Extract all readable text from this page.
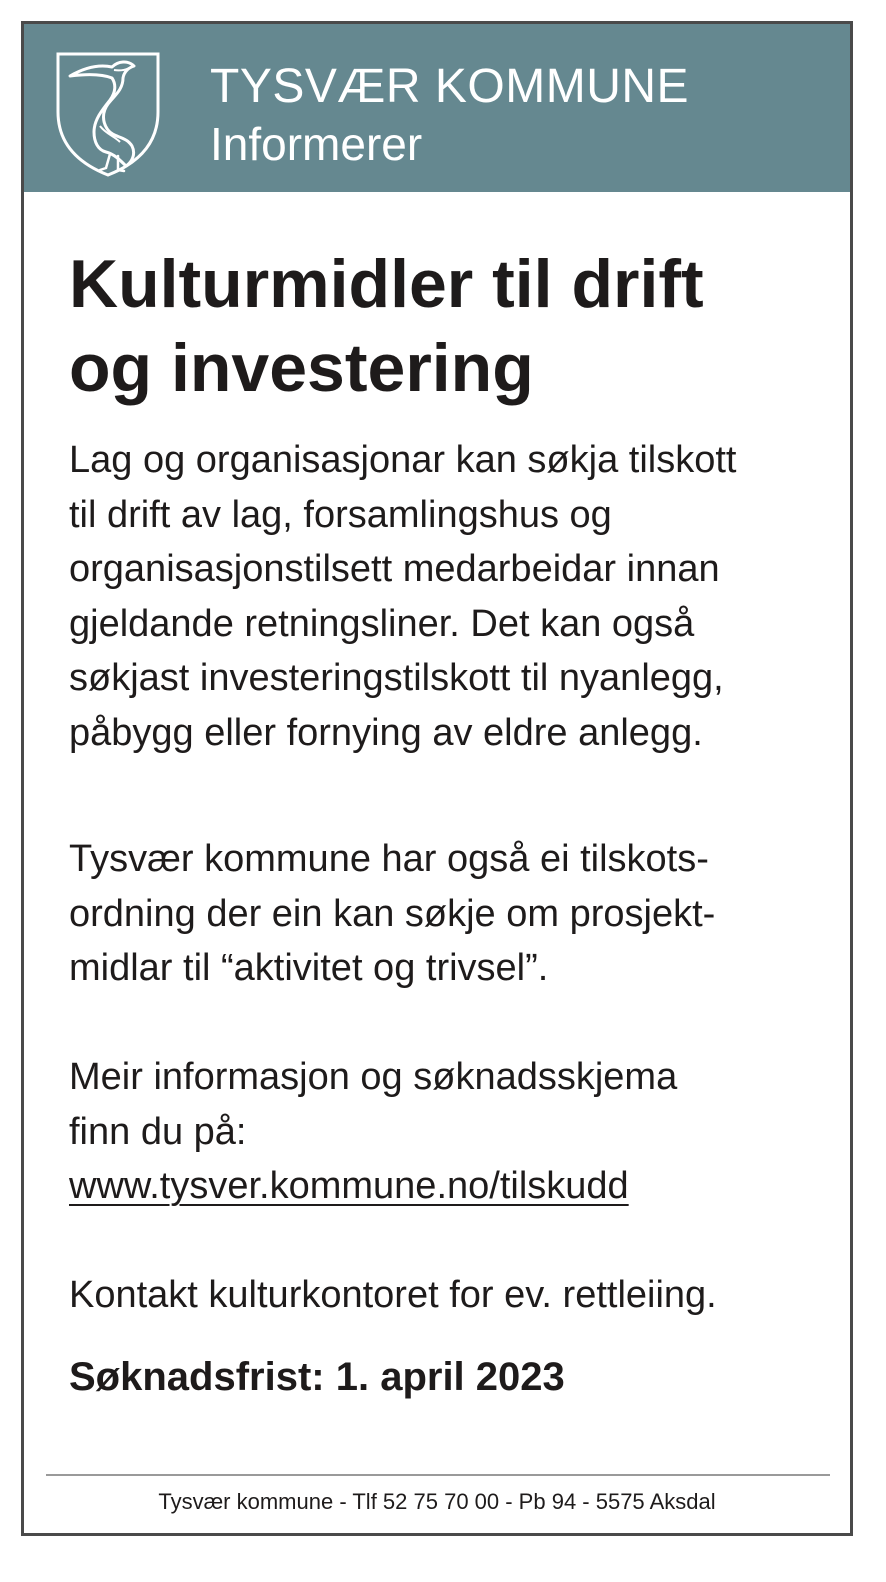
TYSVÆR KOMMUNE
Informerer
Kulturmidler til drift
og investering
Lag og organisasjonar kan søkja tilskott
til drift av lag, forsamlingshus og
organisasjonstilsett medarbeidar innan
gjeldande retningsliner. Det kan også
søkjast investeringstilskott til nyanlegg,
påbygg eller fornying av eldre anlegg.
Tysvær kommune har også ei tilskots-
ordning der ein kan søkje om prosjekt-
midlar til “aktivitet og trivsel”.
Meir informasjon og søknadsskjema
finn du på:
www.tysver.kommune.no/tilskudd
Kontakt kulturkontoret for ev. rettleiing.
Søknadsfrist: 1. april 2023
Tysvær kommune - Tlf 52 75 70 00 - Pb 94 - 5575 Aksdal
